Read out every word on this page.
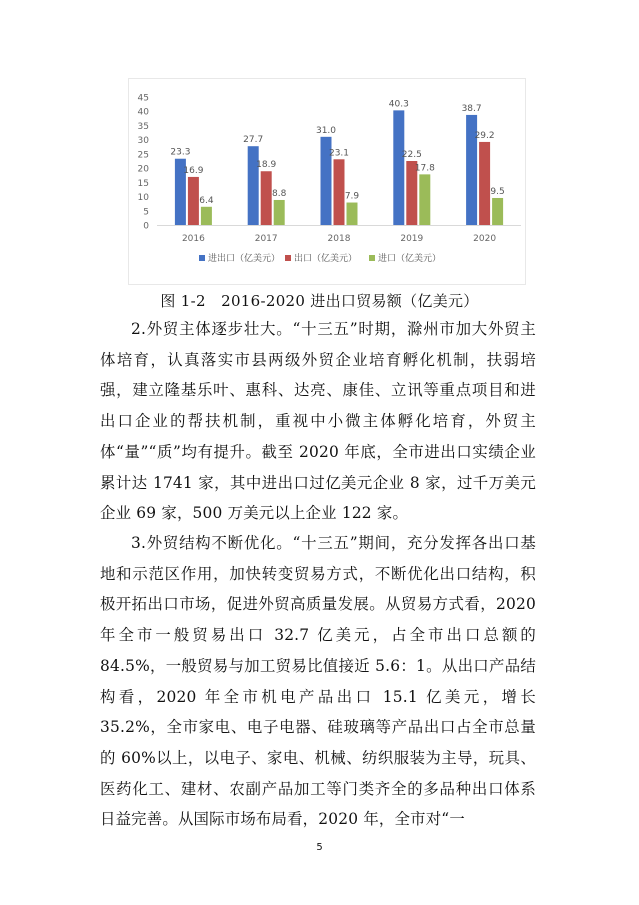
0
5
10
15
20
25
30
35
40
45
23.3
16.9
6.4
2016
27.7
18.9
8.8
2017
31.0
23.1
7.9
2018
40.3
22.5
17.8
2019
38.7
29.2
9.5
2020
进出口（亿美元） 出口（亿美元） 进口（亿美元）
图 1-2　2016-2020 进出口贸易额（亿美元）
2.外贸主体逐步壮大。“十三五”时期，滁州市加大外贸主体培育，认真落实市县两级外贸企业培育孵化机制，扶弱培强，建立隆基乐叶、惠科、达亮、康佳、立讯等重点项目和进出口企业的帮扶机制，重视中小微主体孵化培育，外贸主体“量”“质”均有提升。截至 2020 年底，全市进出口实绩企业累计达 1741 家，其中进出口过亿美元企业 8 家，过千万美元企业 69 家，500 万美元以上企业 122 家。
3.外贸结构不断优化。“十三五”期间，充分发挥各出口基地和示范区作用，加快转变贸易方式，不断优化出口结构，积极开拓出口市场，促进外贸高质量发展。从贸易方式看，2020 年全市一般贸易出口 32.7 亿美元，占全市出口总额的 84.5%，一般贸易与加工贸易比值接近 5.6：1。从出口产品结构看，2020 年全市机电产品出口 15.1 亿美元，增长 35.2%，全市家电、电子电器、硅玻璃等产品出口占全市总量的 60%以上，以电子、家电、机械、纺织服装为主导，玩具、医药化工、建材、农副产品加工等门类齐全的多品种出口体系日益完善。从国际市场布局看，2020 年，全市对“一
5
